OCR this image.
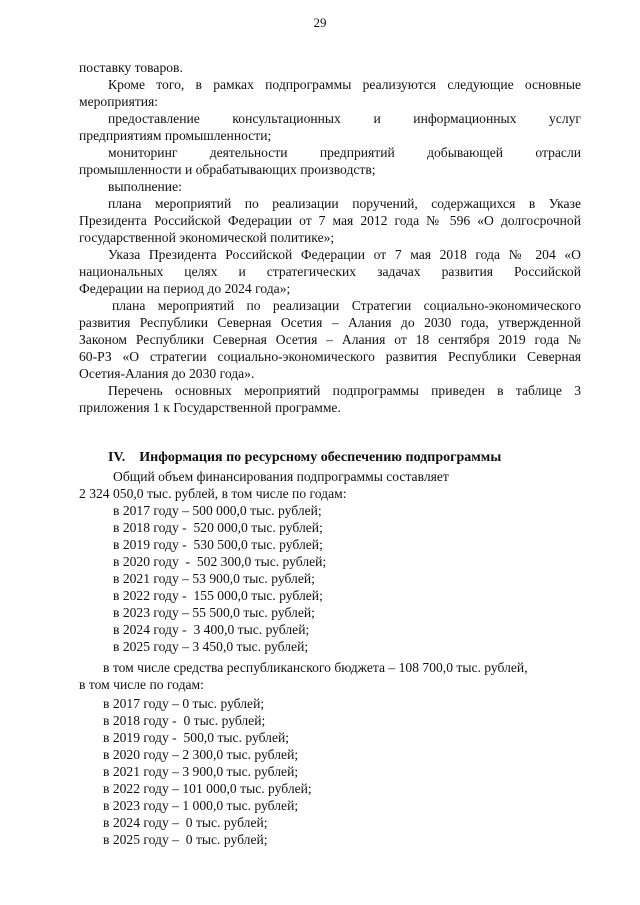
29
поставку товаров.
Кроме того, в рамках подпрограммы реализуются следующие основные
мероприятия:
предоставление консультационных и информационных услуг
предприятиям промышленности;
мониторинг деятельности предприятий добывающей отрасли
промышленности и обрабатывающих производств;
выполнение:
плана мероприятий по реализации поручений, содержащихся в Указе
Президента Российской Федерации от 7 мая 2012 года № 596 «О долгосрочной
государственной экономической политике»;
Указа Президента Российской Федерации от 7 мая 2018 года № 204 «О
национальных целях и стратегических задачах развития Российской
Федерации на период до 2024 года»;
плана мероприятий по реализации Стратегии социально-экономического
развития Республики Северная Осетия – Алания до 2030 года, утвержденной
Законом Республики Северная Осетия – Алания от 18 сентября 2019 года №
60-РЗ «О стратегии социально-экономического развития Республики Северная
Осетия-Алания до 2030 года».
Перечень основных мероприятий подпрограммы приведен в таблице 3
приложения 1 к Государственной программе.
IV.    Информация по ресурсному обеспечению подпрограммы
Общий объем финансирования подпрограммы составляет
2 324 050,0 тыс. рублей, в том числе по годам:
в 2017 году – 500 000,0 тыс. рублей;
в 2018 году -  520 000,0 тыс. рублей;
в 2019 году -  530 500,0 тыс. рублей;
в 2020 году  -  502 300,0 тыс. рублей;
в 2021 году – 53 900,0 тыс. рублей;
в 2022 году -  155 000,0 тыс. рублей;
в 2023 году – 55 500,0 тыс. рублей;
в 2024 году -  3 400,0 тыс. рублей;
в 2025 году – 3 450,0 тыс. рублей;
в том числе средства республиканского бюджета – 108 700,0 тыс. рублей,
в том числе по годам:
в 2017 году – 0 тыс. рублей;
в 2018 году -  0 тыс. рублей;
в 2019 году -  500,0 тыс. рублей;
в 2020 году – 2 300,0 тыс. рублей;
в 2021 году – 3 900,0 тыс. рублей;
в 2022 году – 101 000,0 тыс. рублей;
в 2023 году – 1 000,0 тыс. рублей;
в 2024 году –  0 тыс. рублей;
в 2025 году –  0 тыс. рублей;
